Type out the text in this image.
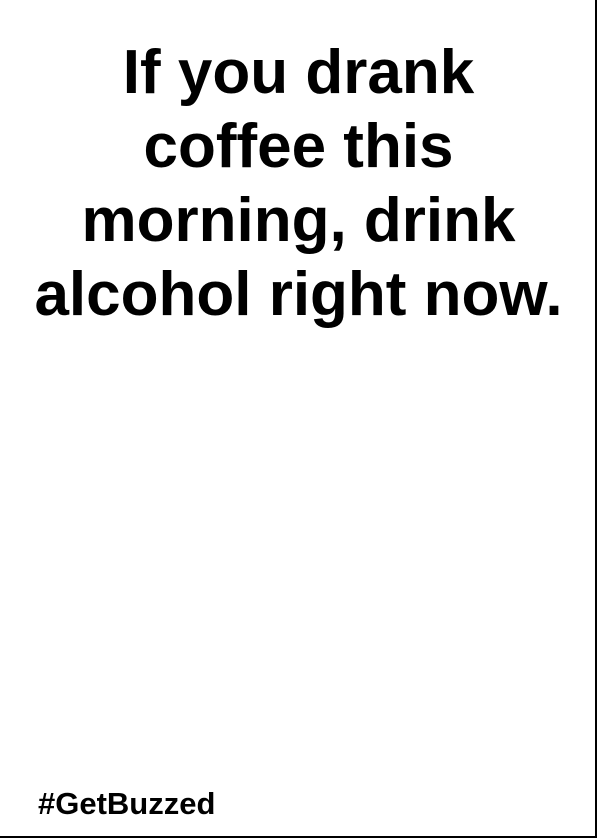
If you drank
coffee this
morning, drink
alcohol right now.

#GetBuzzed
